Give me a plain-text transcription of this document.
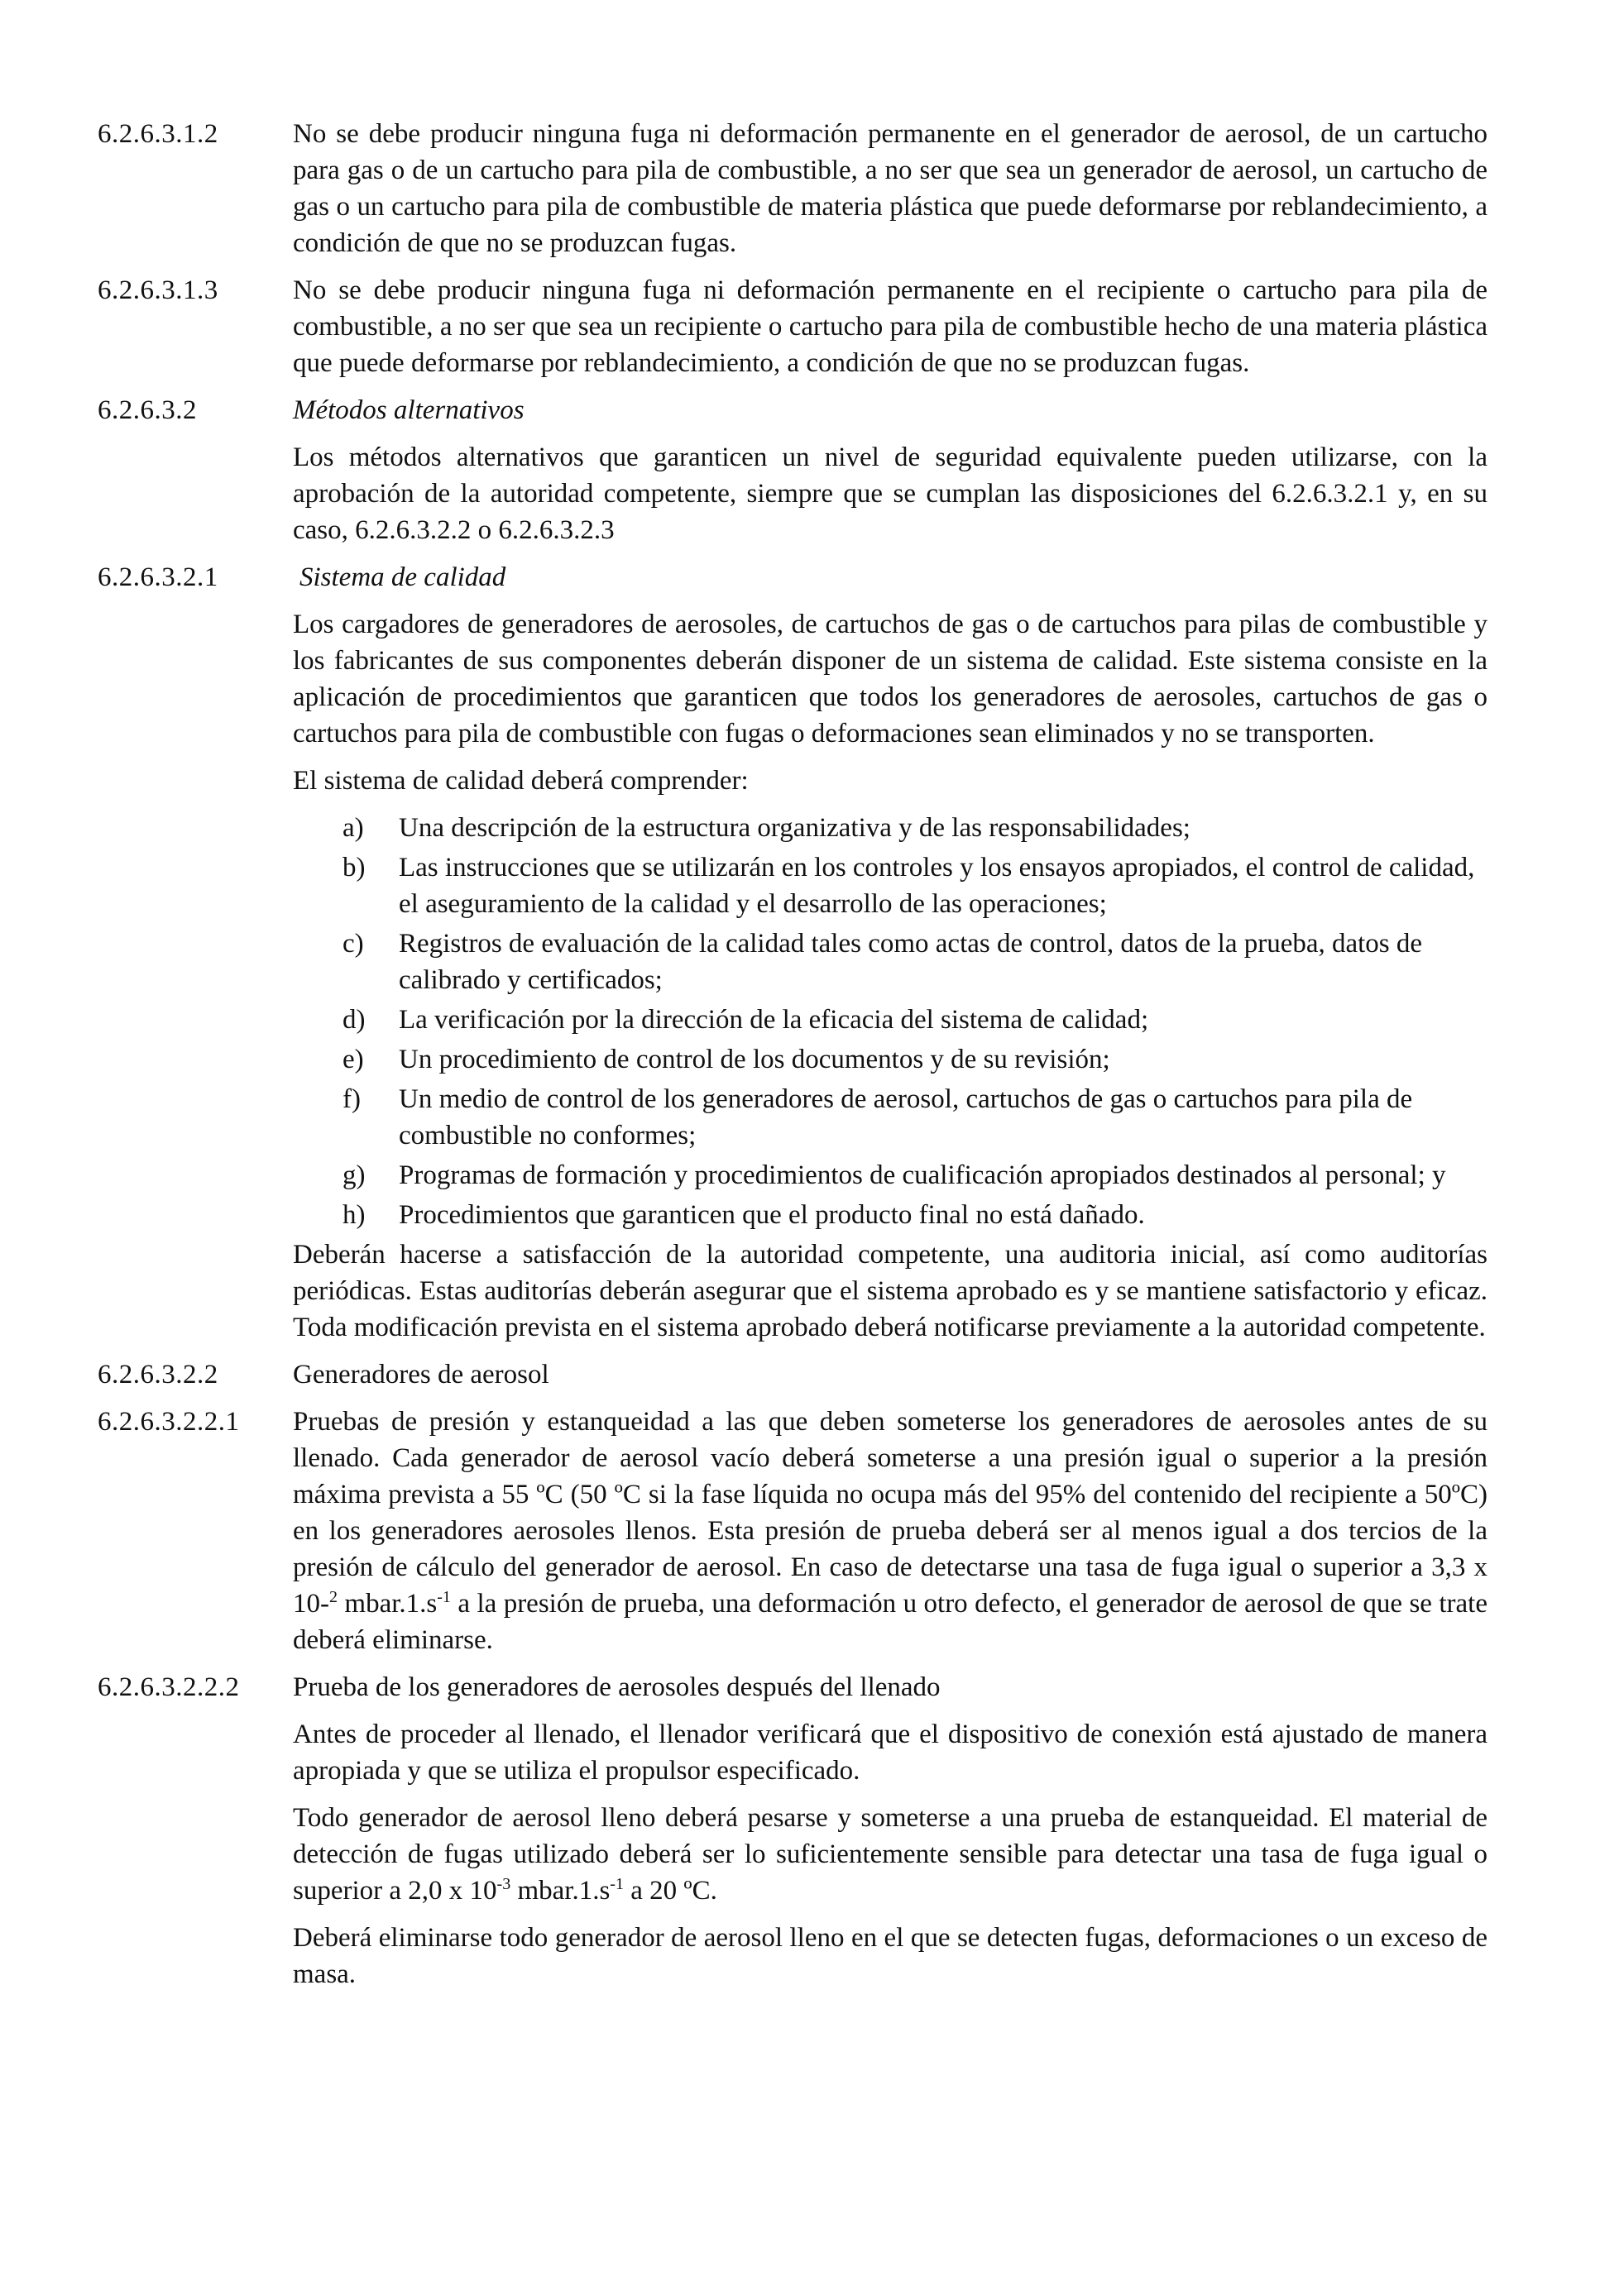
6.2.6.3.1.2	No se debe producir ninguna fuga ni deformación permanente en el generador de aerosol, de un cartucho para gas o de un cartucho para pila de combustible, a no ser que sea un generador de aerosol, un cartucho de gas o un cartucho para pila de combustible de materia plástica que puede deformarse por reblandecimiento, a condición de que no se produzcan fugas.

6.2.6.3.1.3	No se debe producir ninguna fuga ni deformación permanente en el recipiente o cartucho para pila de combustible, a no ser que sea un recipiente o cartucho para pila de combustible hecho de una materia plástica que puede deformarse por reblandecimiento, a condición de que no se produzcan fugas.

6.2.6.3.2	Métodos alternativos

Los métodos alternativos que garanticen un nivel de seguridad equivalente pueden utilizarse, con la aprobación de la autoridad competente, siempre que se cumplan las disposiciones del 6.2.6.3.2.1 y, en su caso, 6.2.6.3.2.2 o 6.2.6.3.2.3

6.2.6.3.2.1	Sistema de calidad

Los cargadores de generadores de aerosoles, de cartuchos de gas o de cartuchos para pilas de combustible y los fabricantes de sus componentes deberán disponer de un sistema de calidad. Este sistema consiste en la aplicación de procedimientos que garanticen que todos los generadores de aerosoles, cartuchos de gas o cartuchos para pila de combustible con fugas o deformaciones sean eliminados y no se transporten.

El sistema de calidad deberá comprender:

a)	Una descripción de la estructura organizativa y de las responsabilidades;
b)	Las instrucciones que se utilizarán en los controles y los ensayos apropiados, el control de calidad, el aseguramiento de la calidad y el desarrollo de las operaciones;
c)	Registros de evaluación de la calidad tales como actas de control, datos de la prueba, datos de calibrado y certificados;
d)	La verificación por la dirección de la eficacia del sistema de calidad;
e)	Un procedimiento de control de los documentos y de su revisión;
f)	Un medio de control de los generadores de aerosol, cartuchos de gas o cartuchos para pila de combustible no conformes;
g)	Programas de formación y procedimientos de cualificación apropiados destinados al personal; y
h)	Procedimientos que garanticen que el producto final no está dañado.

Deberán hacerse a satisfacción de la autoridad competente, una auditoria inicial, así como auditorías periódicas. Estas auditorías deberán asegurar que el sistema aprobado es y se mantiene satisfactorio y eficaz. Toda modificación prevista en el sistema aprobado deberá notificarse previamente a la autoridad competente.

6.2.6.3.2.2	Generadores de aerosol
6.2.6.3.2.2.1	Pruebas de presión y estanqueidad a las que deben someterse los generadores de aerosoles antes de su llenado. Cada generador de aerosol vacío deberá someterse a una presión igual o superior a la presión máxima prevista a 55 ºC (50 ºC si la fase líquida no ocupa más del 95% del contenido del recipiente a 50ºC) en los generadores aerosoles llenos. Esta presión de prueba deberá ser al menos igual a dos tercios de la presión de cálculo del generador de aerosol. En caso de detectarse una tasa de fuga igual o superior a 3,3 x 10-$^2$ $mbar.1.s^{-1}$ a la presión de prueba, una deformación u otro defecto, el generador de aerosol de que se trate deberá eliminarse.

6.2.6.3.2.2.2	Prueba de los generadores de aerosoles después del llenado

Antes de proceder al llenado, el llenador verificará que el dispositivo de conexión está ajustado de manera apropiada y que se utiliza el propulsor especificado.

Todo generador de aerosol lleno deberá pesarse y someterse a una prueba de estanqueidad. El material de detección de fugas utilizado deberá ser lo suficientemente sensible para detectar una tasa de fuga igual o superior a 2,0 x $10^{-3}$ $mbar.1.s^{-1}$ a 20 ºC.

Deberá eliminarse todo generador de aerosol lleno en el que se detecten fugas, deformaciones o un exceso de masa.
